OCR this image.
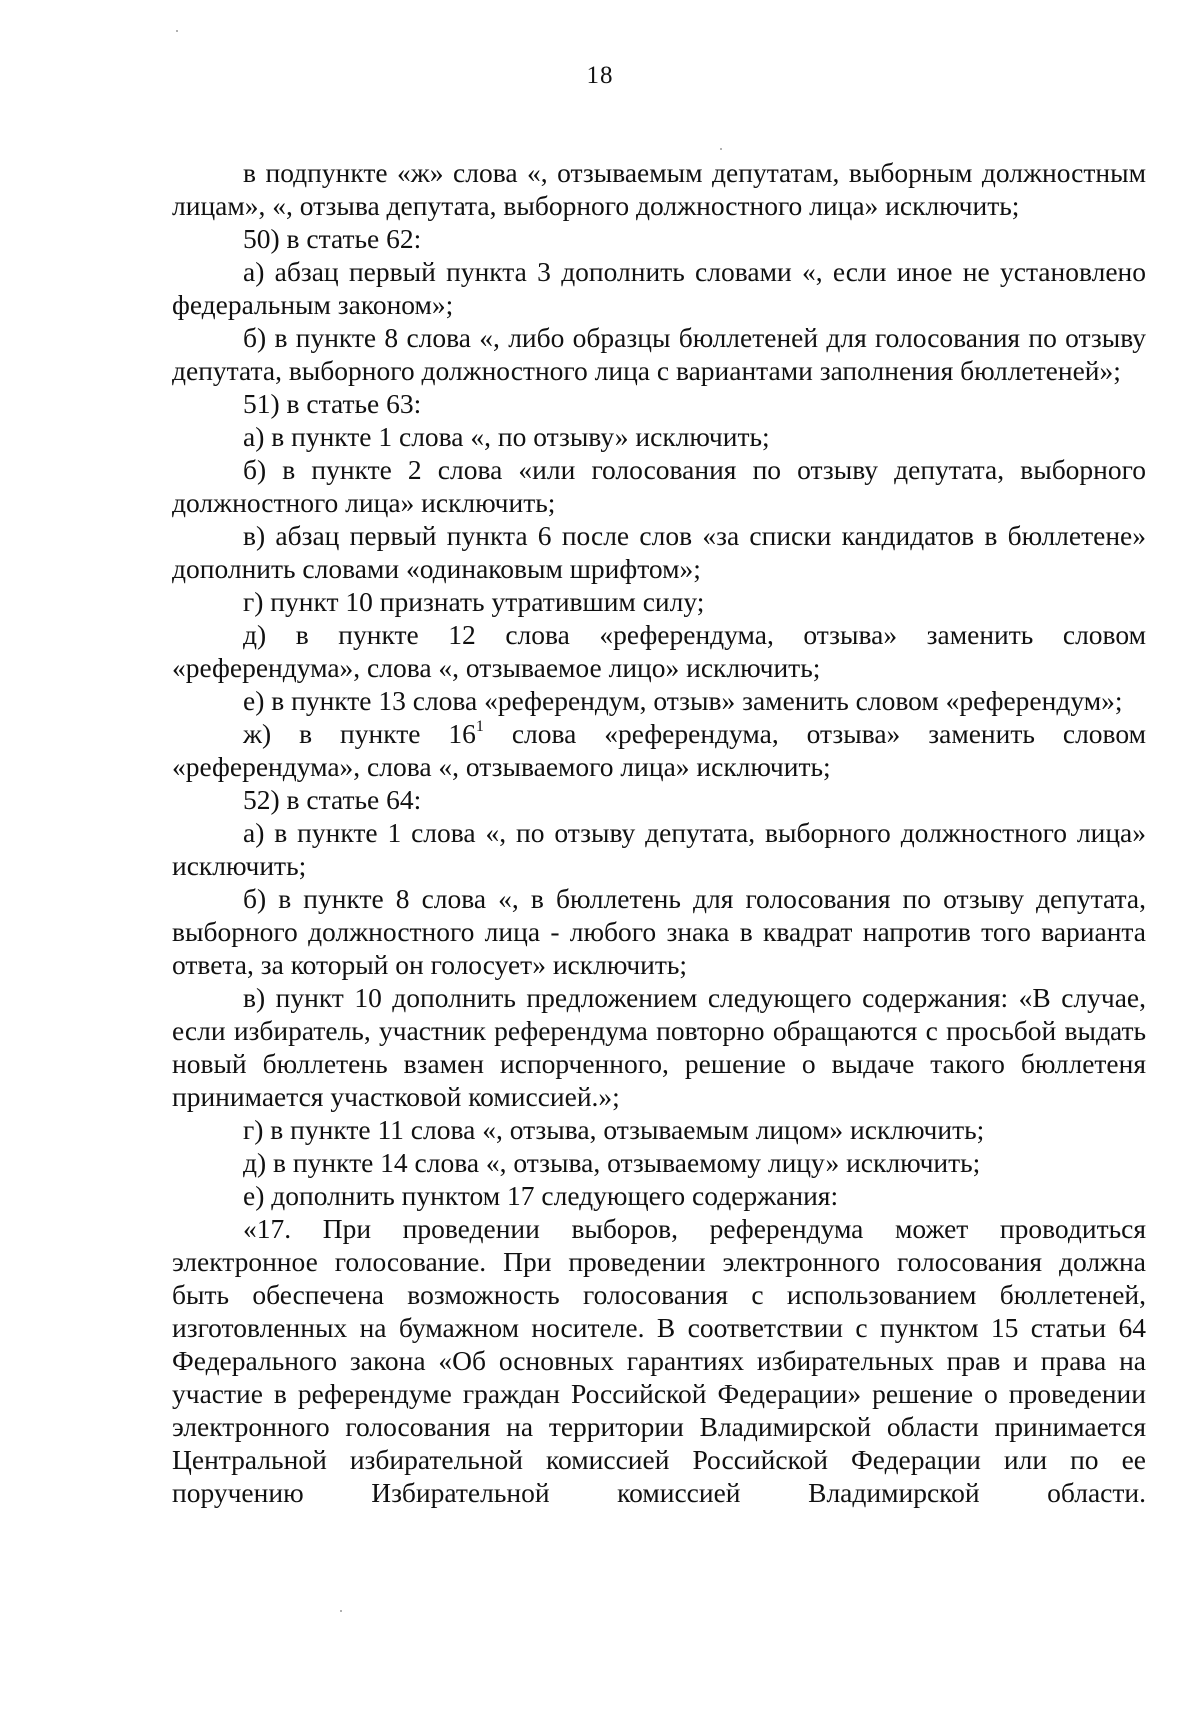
18

в подпункте «ж» слова «, отзываемым депутатам, выборным должностным лицам», «, отзыва депутата, выборного должностного лица» исключить;

50) в статье 62:

а) абзац первый пункта 3 дополнить словами «, если иное не установлено федеральным законом»;

б) в пункте 8 слова «, либо образцы бюллетеней для голосования по отзыву депутата, выборного должностного лица с вариантами заполнения бюллетеней»;

51) в статье 63:

а) в пункте 1 слова «, по отзыву» исключить;

б) в пункте 2 слова «или голосования по отзыву депутата, выборного должностного лица» исключить;

в) абзац первый пункта 6 после слов «за списки кандидатов в бюллетене» дополнить словами «одинаковым шрифтом»;

г) пункт 10 признать утратившим силу;

д) в пункте 12 слова «референдума, отзыва» заменить словом «референдума», слова «, отзываемое лицо» исключить;

е) в пункте 13 слова «референдум, отзыв» заменить словом «референдум»;

ж) в пункте $16^1$ слова «референдума, отзыва» заменить словом «референдума», слова «, отзываемого лица» исключить;

52) в статье 64:

а) в пункте 1 слова «, по отзыву депутата, выборного должностного лица» исключить;

б) в пункте 8 слова «, в бюллетень для голосования по отзыву депутата, выборного должностного лица - любого знака в квадрат напротив того варианта ответа, за который он голосует» исключить;

в) пункт 10 дополнить предложением следующего содержания: «В случае, если избиратель, участник референдума повторно обращаются с просьбой выдать новый бюллетень взамен испорченного, решение о выдаче такого бюллетеня принимается участковой комиссией.»;

г) в пункте 11 слова «, отзыва, отзываемым лицом» исключить;

д) в пункте 14 слова «, отзыва, отзываемому лицу» исключить;

е) дополнить пунктом 17 следующего содержания:

«17. При проведении выборов, референдума может проводиться электронное голосование. При проведении электронного голосования должна быть обеспечена возможность голосования с использованием бюллетеней, изготовленных на бумажном носителе. В соответствии с пунктом 15 статьи 64 Федерального закона «Об основных гарантиях избирательных прав и права на участие в референдуме граждан Российской Федерации» решение о проведении электронного голосования на территории Владимирской области принимается Центральной избирательной комиссией Российской Федерации или по ее поручению Избирательной комиссией Владимирской области.
